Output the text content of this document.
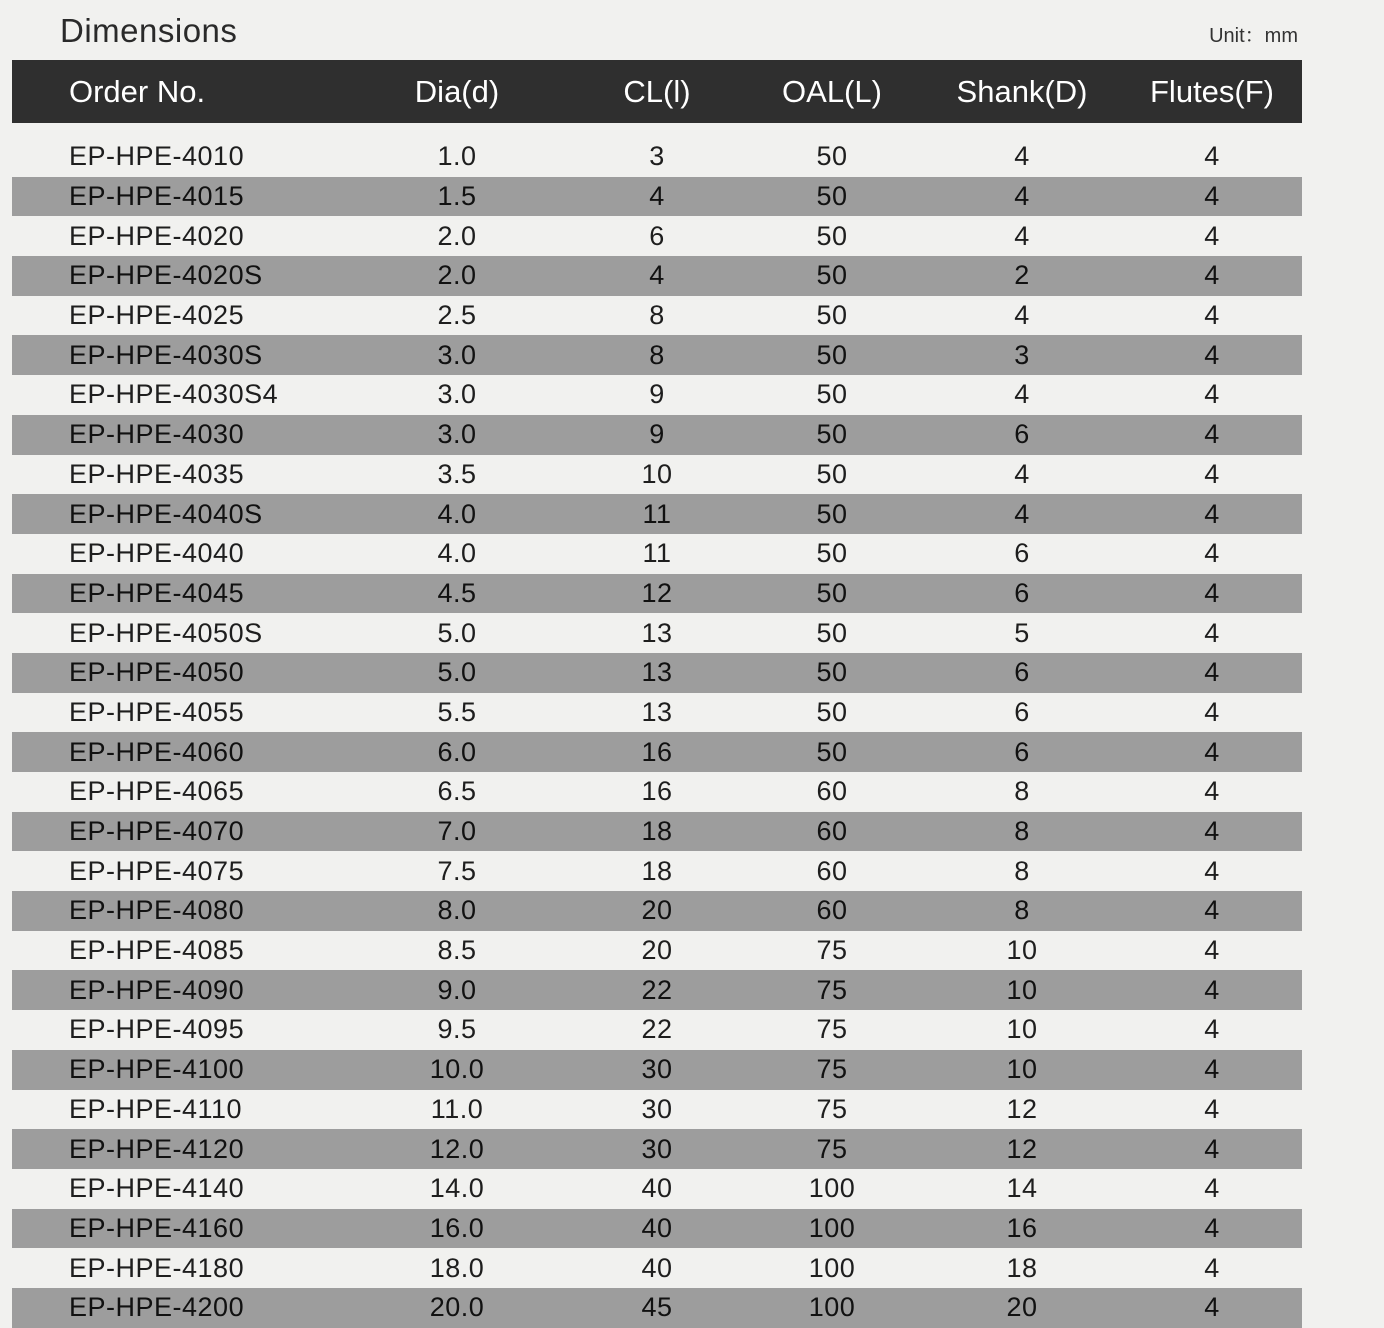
Dimensions	Unit：mm
Order No.	Dia(d)	CL(l)	OAL(L)	Shank(D)	Flutes(F)
EP-HPE-4010	1.0	3	50	4	4
EP-HPE-4015	1.5	4	50	4	4
EP-HPE-4020	2.0	6	50	4	4
EP-HPE-4020S	2.0	4	50	2	4
EP-HPE-4025	2.5	8	50	4	4
EP-HPE-4030S	3.0	8	50	3	4
EP-HPE-4030S4	3.0	9	50	4	4
EP-HPE-4030	3.0	9	50	6	4
EP-HPE-4035	3.5	10	50	4	4
EP-HPE-4040S	4.0	11	50	4	4
EP-HPE-4040	4.0	11	50	6	4
EP-HPE-4045	4.5	12	50	6	4
EP-HPE-4050S	5.0	13	50	5	4
EP-HPE-4050	5.0	13	50	6	4
EP-HPE-4055	5.5	13	50	6	4
EP-HPE-4060	6.0	16	50	6	4
EP-HPE-4065	6.5	16	60	8	4
EP-HPE-4070	7.0	18	60	8	4
EP-HPE-4075	7.5	18	60	8	4
EP-HPE-4080	8.0	20	60	8	4
EP-HPE-4085	8.5	20	75	10	4
EP-HPE-4090	9.0	22	75	10	4
EP-HPE-4095	9.5	22	75	10	4
EP-HPE-4100	10.0	30	75	10	4
EP-HPE-4110	11.0	30	75	12	4
EP-HPE-4120	12.0	30	75	12	4
EP-HPE-4140	14.0	40	100	14	4
EP-HPE-4160	16.0	40	100	16	4
EP-HPE-4180	18.0	40	100	18	4
EP-HPE-4200	20.0	45	100	20	4
